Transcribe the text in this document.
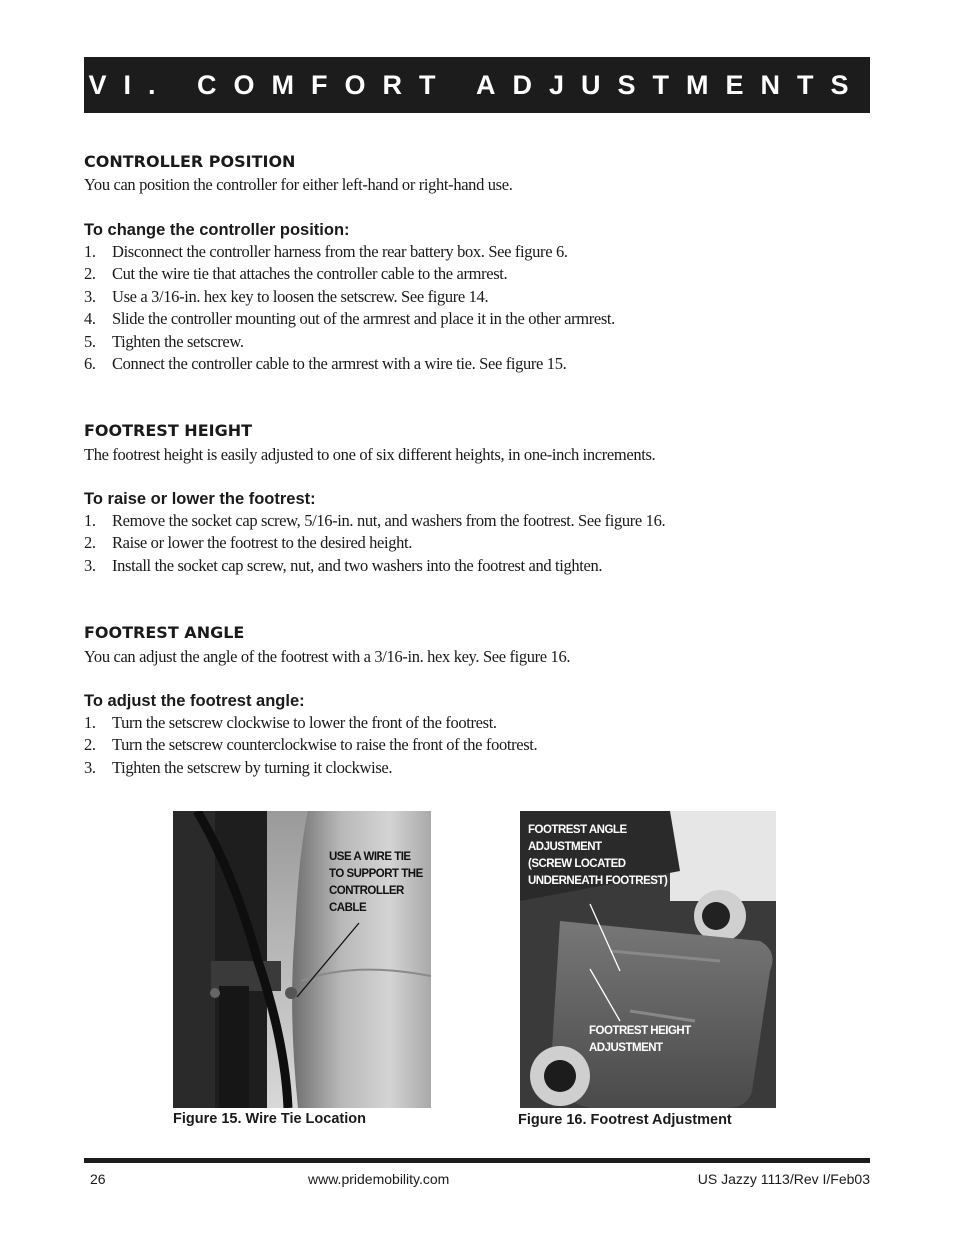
VI. COMFORT ADJUSTMENTS
CONTROLLER POSITION

You can position the controller for either left-hand or right-hand use.

To change the controller position:
1. Disconnect the controller harness from the rear battery box. See figure 6.
2. Cut the wire tie that attaches the controller cable to the armrest.
3. Use a 3/16-in. hex key to loosen the setscrew. See figure 14.
4. Slide the controller mounting out of the armrest and place it in the other armrest.
5. Tighten the setscrew.
6. Connect the controller cable to the armrest with a wire tie. See figure 15.
FOOTREST HEIGHT

The footrest height is easily adjusted to one of six different heights, in one-inch increments.

To raise or lower the footrest:
1. Remove the socket cap screw, 5/16-in. nut, and washers from the footrest. See figure 16.
2. Raise or lower the footrest to the desired height.
3. Install the socket cap screw, nut, and two washers into the footrest and tighten.
FOOTREST ANGLE

You can adjust the angle of the footrest with a 3/16-in. hex key. See figure 16.

To adjust the footrest angle:
1. Turn the setscrew clockwise to lower the front of the footrest.
2. Turn the setscrew counterclockwise to raise the front of the footrest.
3. Tighten the setscrew by turning it clockwise.
USE A WIRE TIE
TO SUPPORT THE
CONTROLLER
CABLE
Figure 15. Wire Tie Location
FOOTREST ANGLE
ADJUSTMENT
(SCREW LOCATED
UNDERNEATH FOOTREST)
FOOTREST HEIGHT
ADJUSTMENT
Figure 16. Footrest Adjustment
26	www.pridemobility.com	US Jazzy 1113/Rev I/Feb03
